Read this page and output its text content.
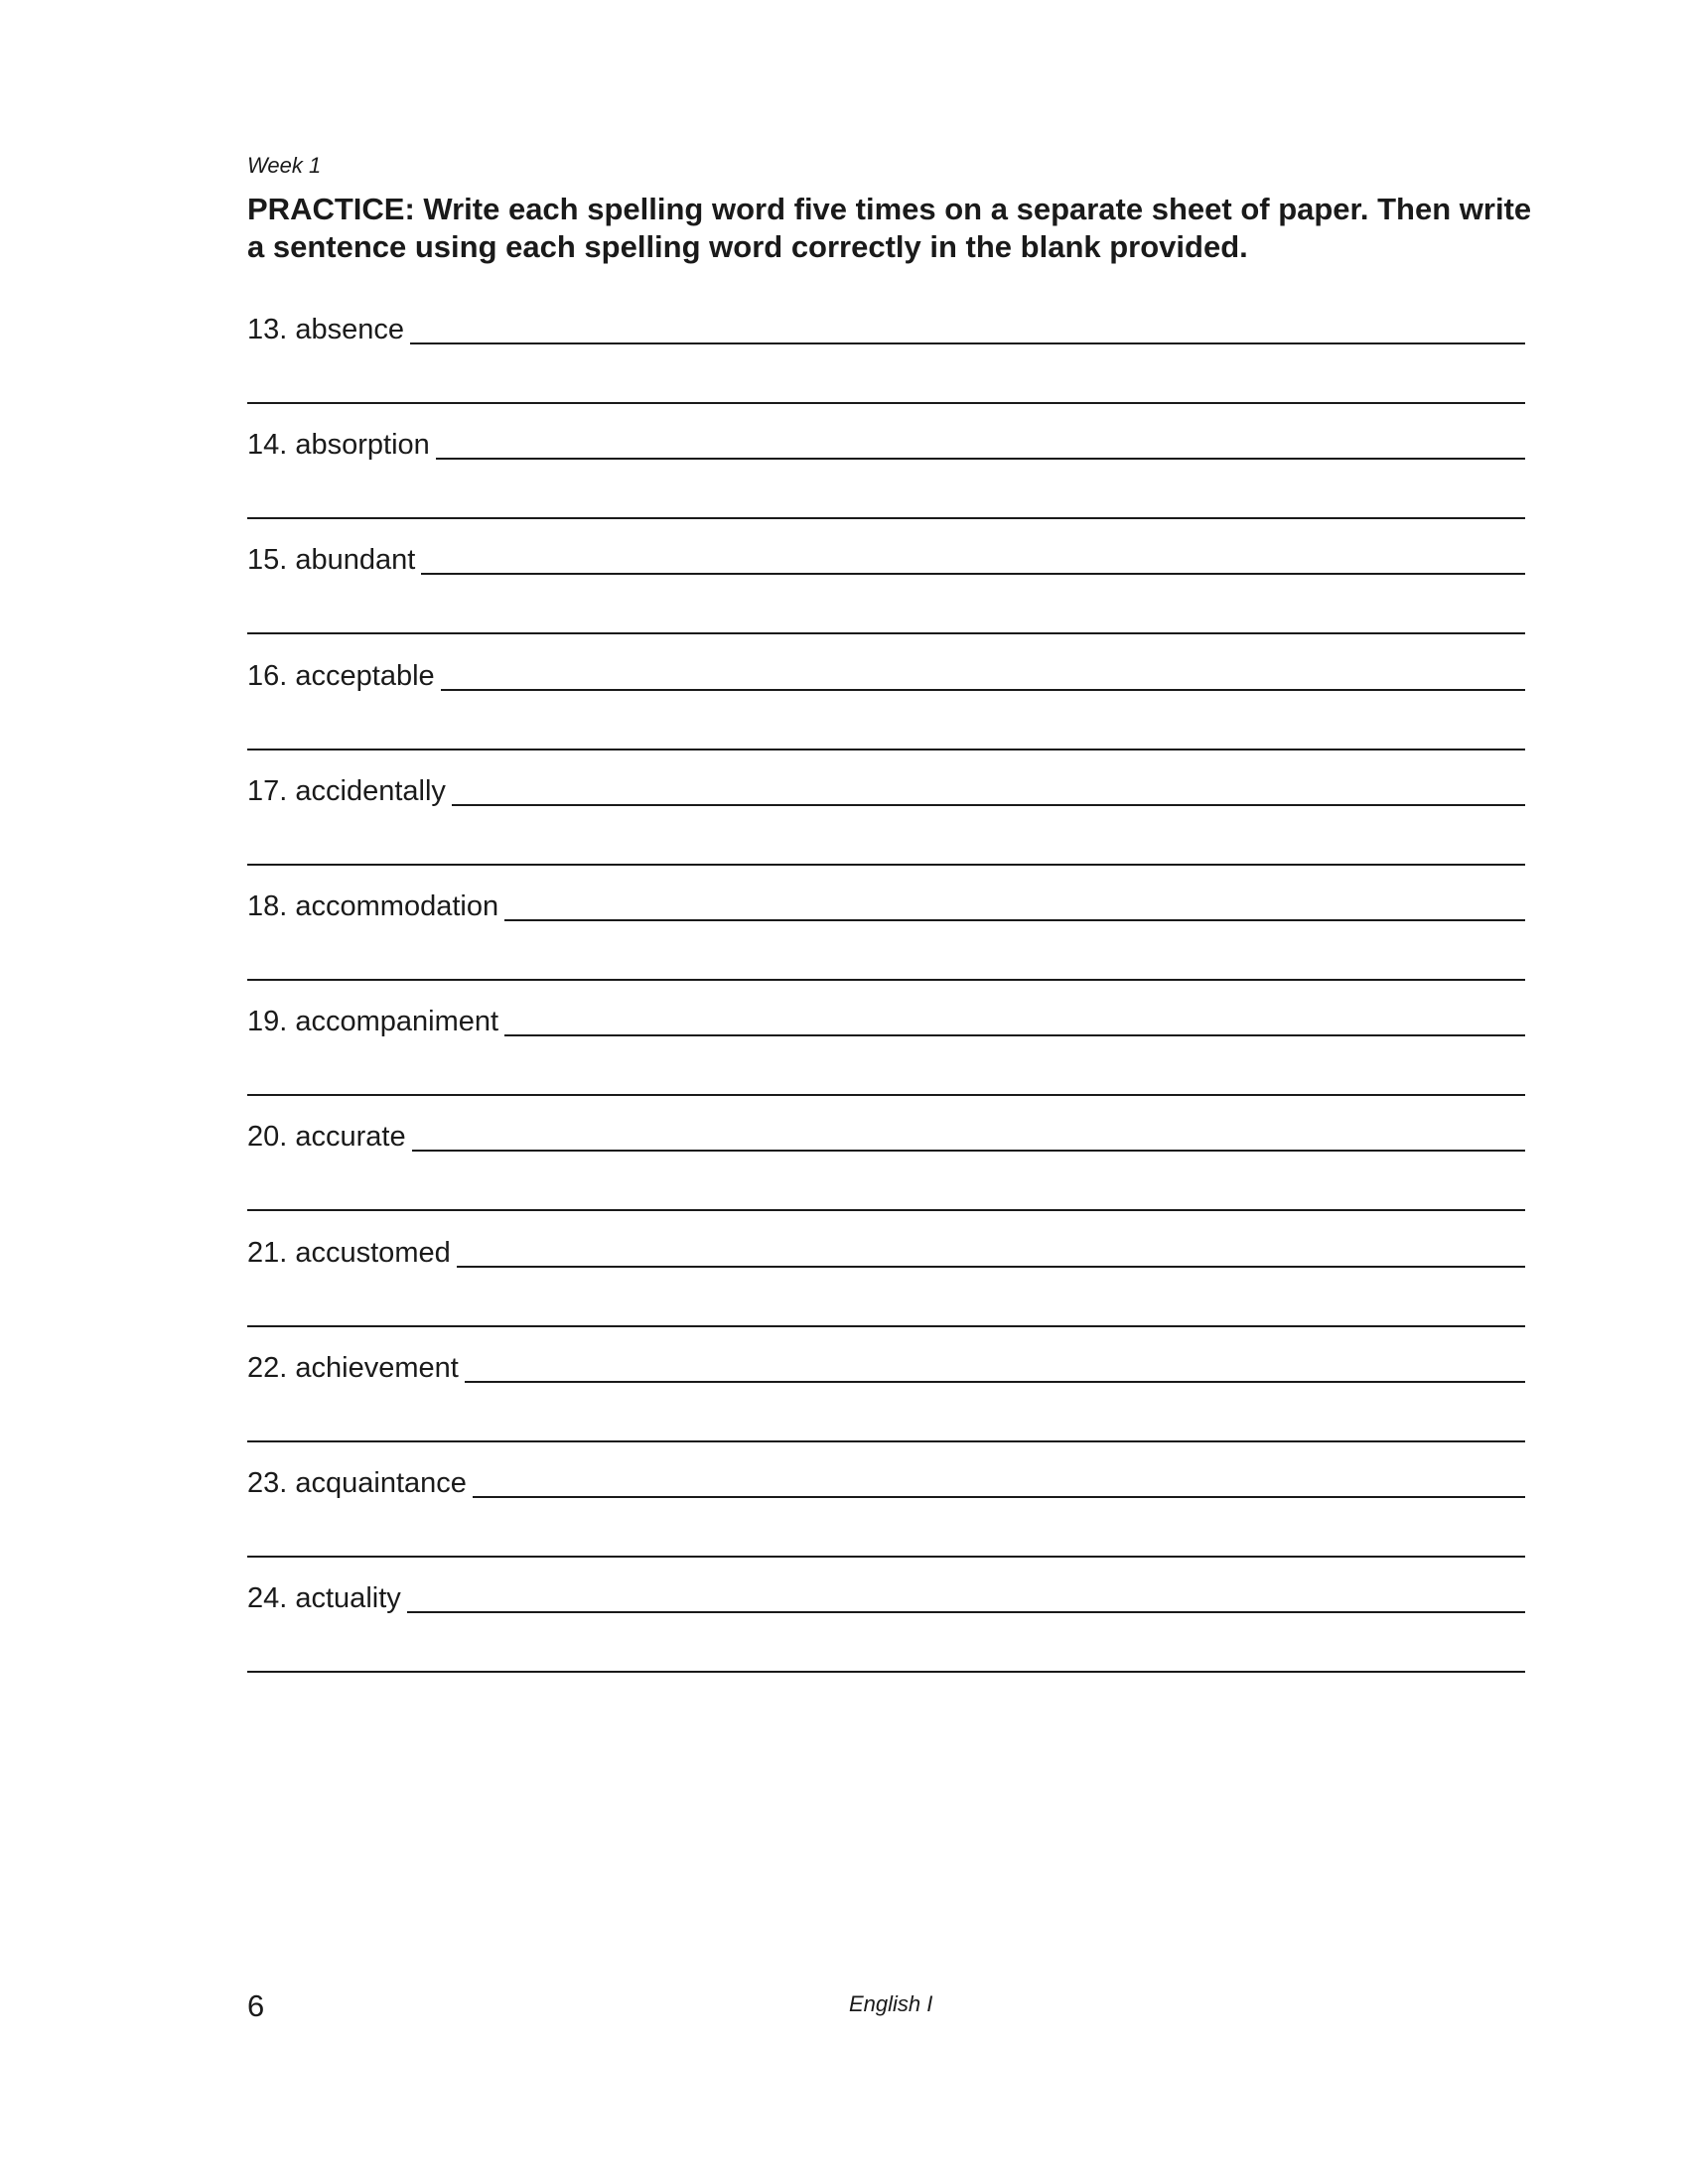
Week 1
PRACTICE: Write each spelling word five times on a separate sheet of paper. Then write a sentence using each spelling word correctly in the blank provided.
13. absence
14. absorption
15. abundant
16. acceptable
17. accidentally
18. accommodation
19. accompaniment
20. accurate
21. accustomed
22. achievement
23. acquaintance
24. actuality
6	English I
